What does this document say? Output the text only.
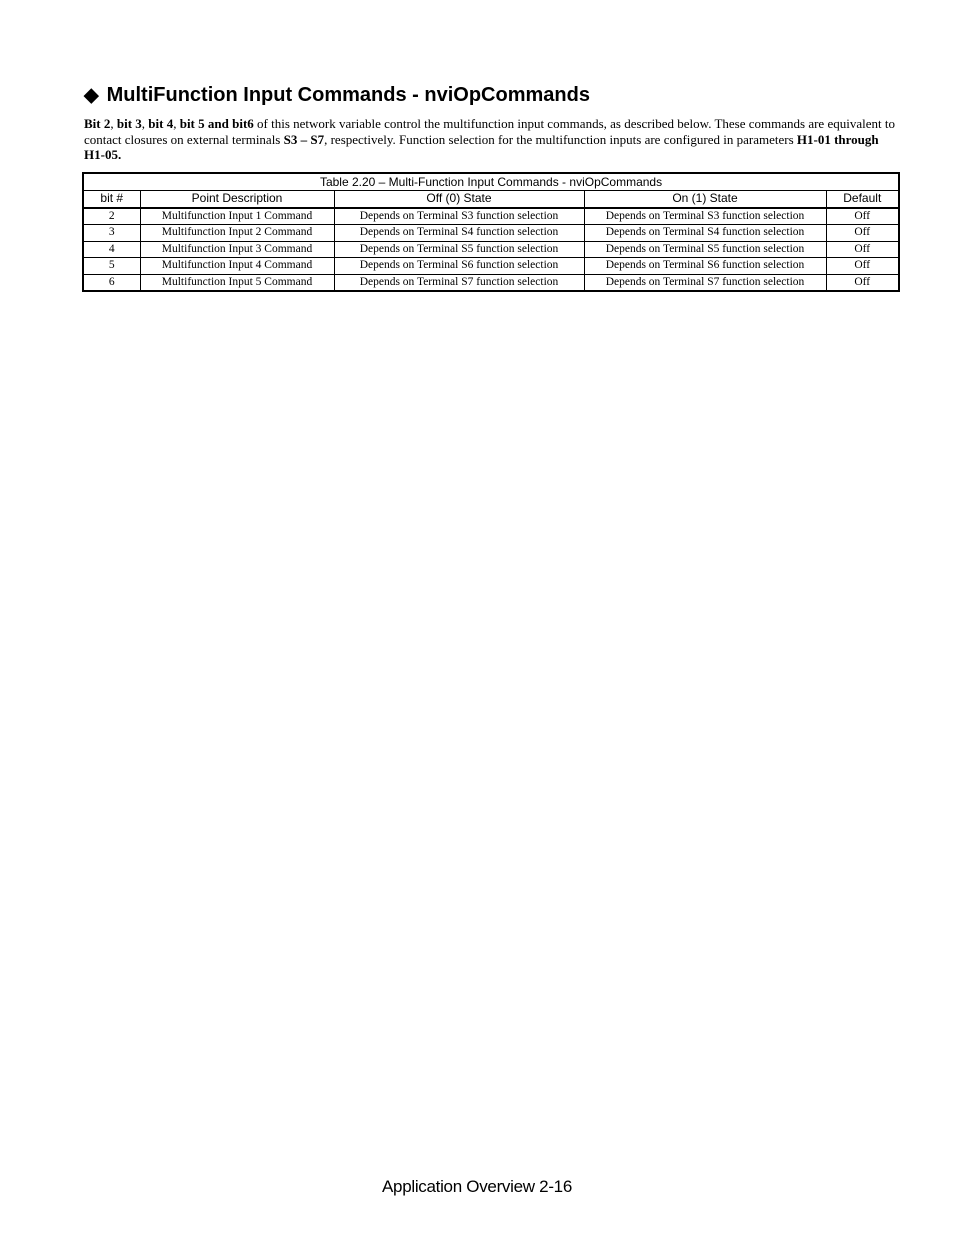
◆ MultiFunction Input Commands - nviOpCommands
Bit 2, bit 3, bit 4, bit 5 and bit6 of this network variable control the multifunction input commands, as described below. These commands are equivalent to contact closures on external terminals S3 – S7, respectively. Function selection for the multifunction inputs are configured in parameters H1-01 through H1-05.
Table 2.20 – Multi-Function Input Commands - nviOpCommands				
bit #	Point Description	Off (0) State	On (1) State	Default
2	Multifunction Input 1 Command	Depends on Terminal S3 function selection	Depends on Terminal S3 function selection	Off
3	Multifunction Input 2 Command	Depends on Terminal S4 function selection	Depends on Terminal S4 function selection	Off
4	Multifunction Input 3 Command	Depends on Terminal S5 function selection	Depends on Terminal S5 function selection	Off
5	Multifunction Input 4 Command	Depends on Terminal S6 function selection	Depends on Terminal S6 function selection	Off
6	Multifunction Input 5 Command	Depends on Terminal S7 function selection	Depends on Terminal S7 function selection	Off
Application Overview 2-16
